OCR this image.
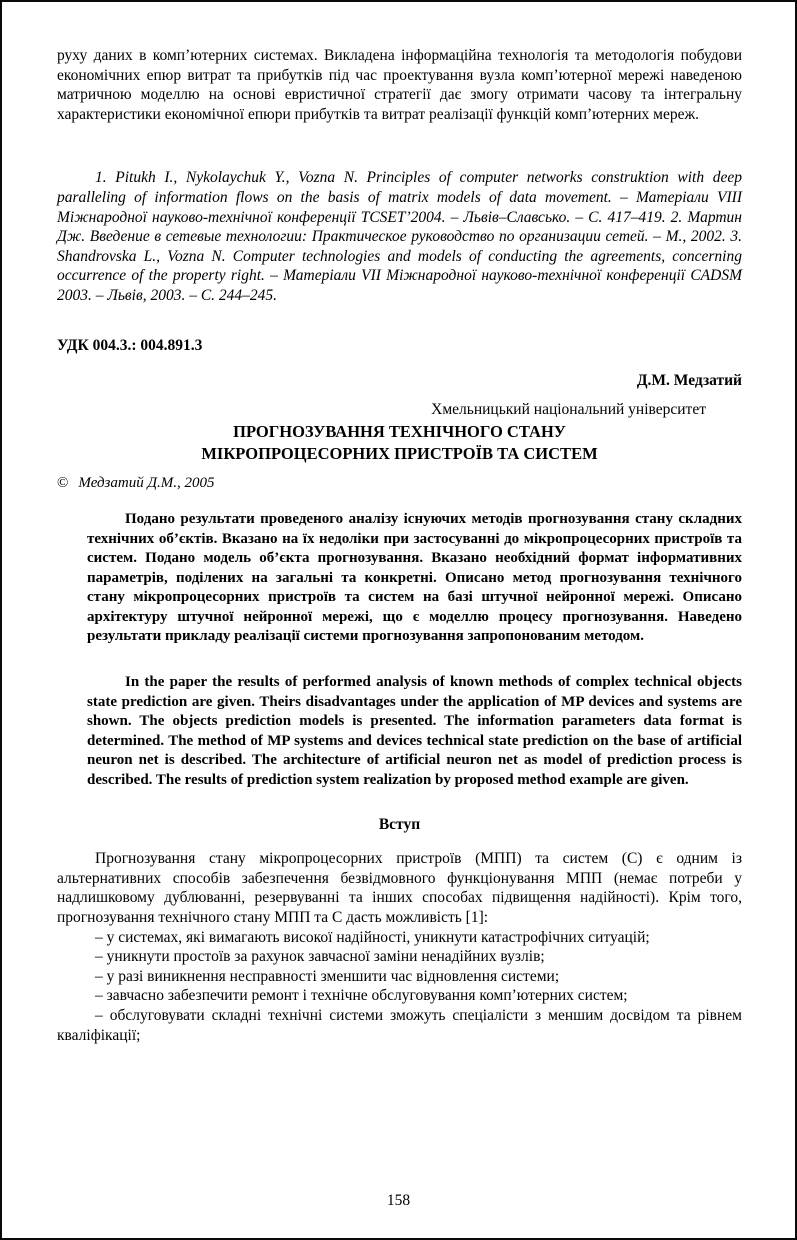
руху даних в комп’ютерних системах. Викладена інформаційна технологія та методологія побудови економічних епюр витрат та прибутків під час проектування вузла комп’ютерної мережі наведеною матричною моделлю на основі евристичної стратегії дає змогу отримати часову та інтегральну характеристики економічної епюри прибутків та витрат реалізації функцій комп’ютерних мереж.

1. Pitukh I., Nykolaychuk Y., Vozna N. Principles of computer networks construktion with deep paralleling of information flows on the basis of matrix models of data movement. – Матеріали VIII Міжнародної науково-технічної конференції TCSET’2004. – Львів–Славсько. – С. 417–419. 2. Мартин Дж. Введение в сетевые технологии: Практическое руководство по организации сетей. – М., 2002. 3. Shandrovska L., Vozna N. Computer technologies and models of conducting the agreements, concerning occurrence of the property right. – Матеріали VII Міжнародної науково-технічної конференції CADSM 2003. – Львів, 2003. – С. 244–245.

УДК 004.3.: 004.891.3

Д.М. Медзатий

Хмельницький національний університет

ПРОГНОЗУВАННЯ ТЕХНІЧНОГО СТАНУ
МІКРОПРОЦЕСОРНИХ ПРИСТРОЇВ ТА СИСТЕМ

© Медзатий Д.М., 2005

Подано результати проведеного аналізу існуючих методів прогнозування стану складних технічних об’єктів. Вказано на їх недоліки при застосуванні до мікропроцесорних пристроїв та систем. Подано модель об’єкта прогнозування. Вказано необхідний формат інформативних параметрів, поділених на загальні та конкретні. Описано метод прогнозування технічного стану мікропроцесорних пристроїв та систем на базі штучної нейронної мережі. Описано архітектуру штучної нейронної мережі, що є моделлю процесу прогнозування. Наведено результати прикладу реалізації системи прогнозування запропонованим методом.

In the paper the results of performed analysis of known methods of complex technical objects state prediction are given. Theirs disadvantages under the application of MP devices and systems are shown. The objects prediction models is presented. The information parameters data format is determined. The method of MP systems and devices technical state prediction on the base of artificial neuron net is described. The architecture of artificial neuron net as model of prediction process is described. The results of prediction system realization by proposed method example are given.

Вступ

Прогнозування стану мікропроцесорних пристроїв (МПП) та систем (С) є одним із альтернативних способів забезпечення безвідмовного функціонування МПП (немає потреби у надлишковому дублюванні, резервуванні та інших способах підвищення надійності). Крім того, прогнозування технічного стану МПП та С дасть можливість [1]:

– у системах, які вимагають високої надійності, уникнути катастрофічних ситуацій;

– уникнути простоїв за рахунок завчасної заміни ненадійних вузлів;

– у разі виникнення несправності зменшити час відновлення системи;

– завчасно забезпечити ремонт і технічне обслуговування комп’ютерних систем;

– обслуговувати складні технічні системи зможуть спеціалісти з меншим досвідом та рівнем кваліфікації;

158
